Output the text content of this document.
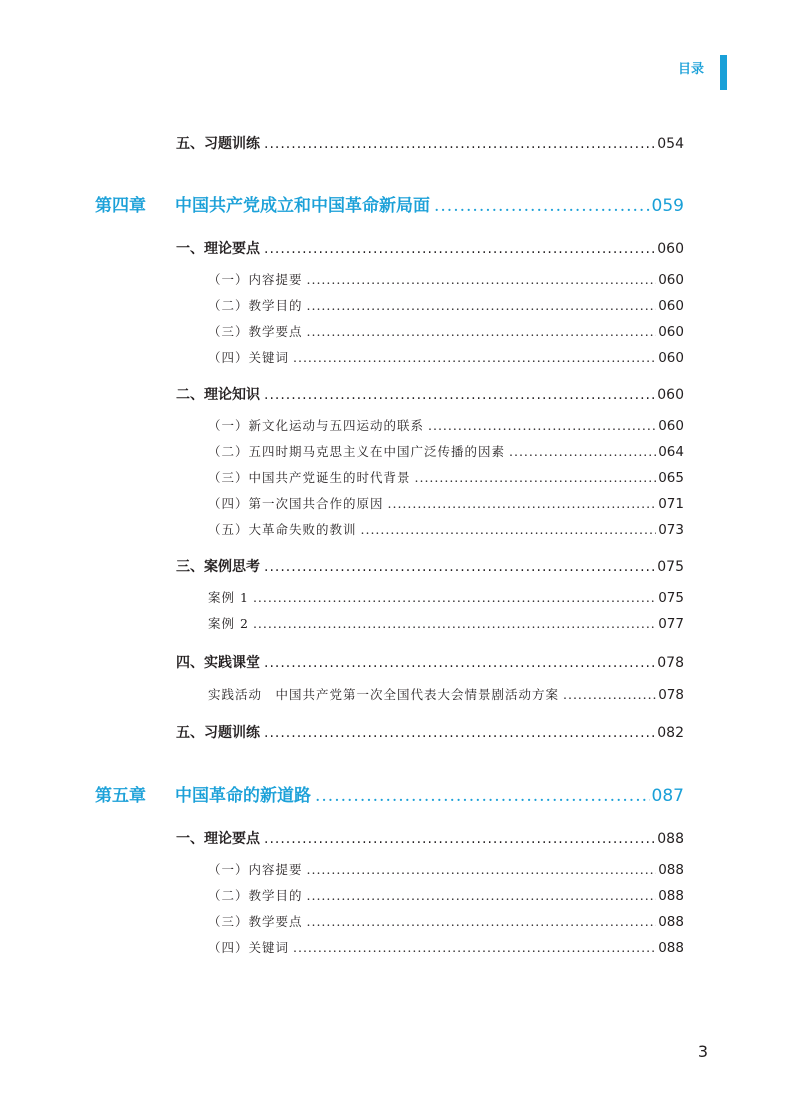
目录
五、习题训练 .....	054
第四章	中国共产党成立和中国革命新局面 .....	059
一、理论要点 .....	060
（一）内容提要 .....	060
（二）教学目的 .....	060
（三）教学要点 .....	060
（四）关键词 .....	060
二、理论知识 .....	060
（一）新文化运动与五四运动的联系 .....	060
（二）五四时期马克思主义在中国广泛传播的因素 .....	064
（三）中国共产党诞生的时代背景 .....	065
（四）第一次国共合作的原因 .....	071
（五）大革命失败的教训 .....	073
三、案例思考 .....	075
案例 1 .....	075
案例 2 .....	077
四、实践课堂 .....	078
实践活动　中国共产党第一次全国代表大会情景剧活动方案 .....	078
五、习题训练 .....	082
第五章	中国革命的新道路 .....	087
一、理论要点 .....	088
（一）内容提要 .....	088
（二）教学目的 .....	088
（三）教学要点 .....	088
（四）关键词 .....	088
3
